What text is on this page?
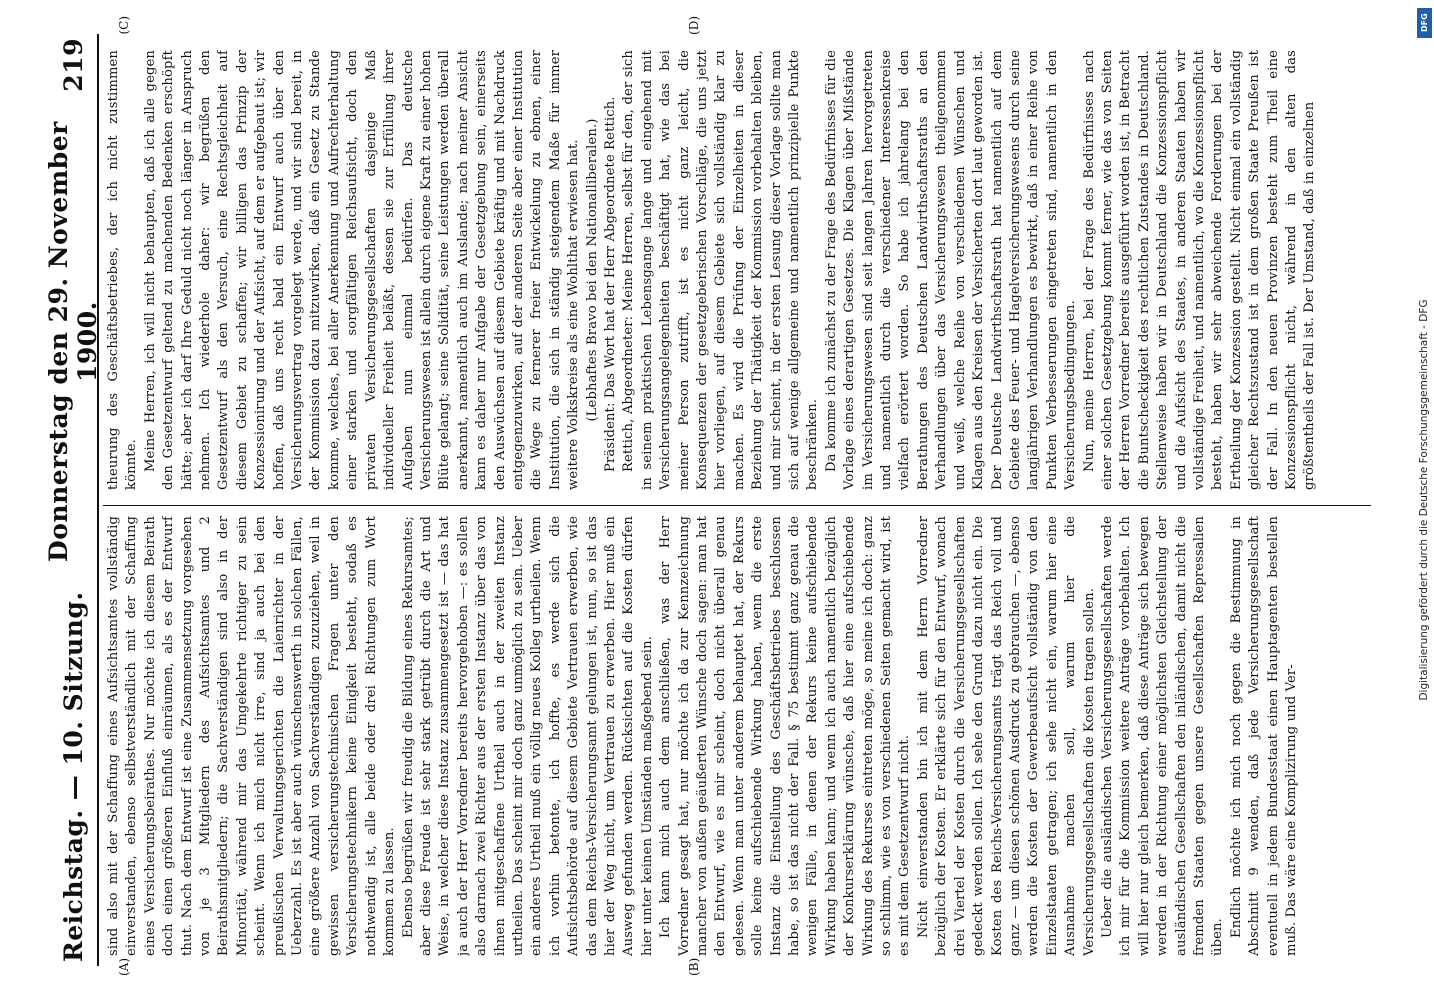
Reichstag. — 10. Sitzung.
Donnerstag den 29. November 1900.
219

sind also mit der Schaffung eines Aufsichtsamtes vollständig einverstanden, ebenso selbstverständlich mit der Schaffung eines Versicherungsbeirathes. Nur möchte ich diesem Beirath doch einen größeren Einfluß einräumen, als es der Entwurf thut. Nach dem Entwurf ist eine Zusammensetzung vorgesehen von je 3 Mitgliedern des Aufsichtsamtes und 2 Beirathsmitgliedern; die Sachverständigen sind also in der Minorität, während mir das Umgekehrte richtiger zu sein scheint. Wenn ich mich nicht irre, sind ja auch bei den preußischen Verwaltungsgerichten die Laienrichter in der Ueberzahl. Es ist aber auch wünschenswerth in solchen Fällen, eine größere Anzahl von Sachverständigen zuzuziehen, weil in gewissen versicherungstechnischen Fragen unter den Versicherungstechnikern keine Einigkeit besteht, sodaß es nothwendig ist, alle beide oder drei Richtungen zum Wort kommen zu lassen. Ebenso begrüßen wir freudig die Bildung eines Rekursamtes; aber diese Freude ist sehr stark getrübt durch die Art und Weise, in welcher diese Instanz zusammengesetzt ist — das hat ja auch der Herr Vorredner bereits hervorgehoben —: es sollen also darnach zwei Richter aus der ersten Instanz über das von ihnen mitgeschaffene Urtheil auch in der zweiten Instanz urtheilen. Das scheint mir doch ganz unmöglich zu sein. Ueber ein anderes Urtheil muß ein völlig neues Kolleg urtheilen. Wenn ich vorhin betonte, ich hoffte, es werde sich die Aufsichtsbehörde auf diesem Gebiete Vertrauen erwerben, wie das dem Reichs-Versicherungsamt gelungen ist, nun, so ist das hier der Weg nicht, um Vertrauen zu erwerben. Hier muß ein Ausweg gefunden werden. Rücksichten auf die Kosten dürfen hier unter keinen Umständen maßgebend sein. Ich kann mich auch dem anschließen, was der Herr Vorredner gesagt hat, nur möchte ich da zur Kennzeichnung mancher von außen geäußerten Wünsche doch sagen: man hat den Entwurf, wie es mir scheint, doch nicht überall genau gelesen. Wenn man unter anderem behauptet hat, der Rekurs solle keine aufschiebende Wirkung haben, wenn die erste Instanz die Einstellung des Geschäftsbetriebes beschlossen habe, so ist das nicht der Fall. § 75 bestimmt ganz genau die wenigen Fälle, in denen der Rekurs keine aufschiebende Wirkung haben kann; und wenn ich auch namentlich bezüglich der Konkurserklärung wünsche, daß hier eine aufschiebende Wirkung des Rekurses eintreten möge, so meine ich doch: ganz so schlimm, wie es von verschiedenen Seiten gemacht wird, ist es mit dem Gesetzentwurf nicht. Nicht einverstanden bin ich mit dem Herrn Vorredner bezüglich der Kosten. Er erklärte sich für den Entwurf, wonach drei Viertel der Kosten durch die Versicherungsgesellschaften gedeckt werden sollen. Ich sehe den Grund dazu nicht ein. Die Kosten des Reichs-Versicherungsamts trägt das Reich voll und ganz — um diesen schönen Ausdruck zu gebrauchen —, ebenso werden die Kosten der Gewerbeaufsicht vollständig von den Einzelstaaten getragen; ich sehe nicht ein, warum hier eine Ausnahme machen soll, warum hier die Versicherungsgesellschaften die Kosten tragen sollen. Ueber die ausländischen Versicherungsgesellschaften werde ich mir für die Kommission weitere Anträge vorbehalten. Ich will hier nur gleich bemerken, daß diese Anträge sich bewegen werden in der Richtung einer möglichsten Gleichstellung der ausländischen Gesellschaften den inländischen, damit nicht die fremden Staaten gegen unsere Gesellschaften Repressalien üben. Endlich möchte ich mich noch gegen die Bestimmung in Abschnitt 9 wenden, daß jede Versicherungsgesellschaft eventuell in jedem Bundesstaat einen Hauptagenten bestellen muß. Das wäre eine Komplizirung und Ver-

theurung des Geschäftsbetriebes, der ich nicht zustimmen könnte. Meine Herren, ich will nicht behaupten, daß ich alle gegen den Gesetzentwurf geltend zu machenden Bedenken erschöpft hätte; aber ich darf Ihre Geduld nicht noch länger in Anspruch nehmen. Ich wiederhole daher: wir begrüßen den Gesetzentwurf als den Versuch, eine Rechtsgleichheit auf diesem Gebiet zu schaffen; wir billigen das Prinzip der Konzessionirung und der Aufsicht, auf dem er aufgebaut ist; wir hoffen, daß uns recht bald ein Entwurf auch über den Versicherungsvertrag vorgelegt werde, und wir sind bereit, in der Kommission dazu mitzuwirken, daß ein Gesetz zu Stande komme, welches, bei aller Anerkennung und Aufrechterhaltung einer starken und sorgfältigen Reichsaufsicht, doch den privaten Versicherungsgesellschaften dasjenige Maß individueller Freiheit beläßt, dessen sie zur Erfüllung ihrer Aufgaben nun einmal bedürfen. Das deutsche Versicherungswesen ist allein durch eigene Kraft zu einer hohen Blüte gelangt; seine Solidität, seine Leistungen werden überall anerkannt, namentlich auch im Auslande; nach meiner Ansicht kann es daher nur Aufgabe der Gesetzgebung sein, einerseits den Auswüchsen auf diesem Gebiete kräftig und mit Nachdruck entgegenzuwirken, auf der anderen Seite aber einer Institution die Wege zu fernerer freier Entwickelung zu ebnen, einer Institution, die sich in ständig steigendem Maße für immer weitere Volkskreise als eine Wohlthat erwiesen hat. (Lebhaftes Bravo bei den Nationalliberalen.) Präsident: Das Wort hat der Herr Abgeordnete Rettich. Rettich, Abgeordneter: Meine Herren, selbst für den, der sich in seinem praktischen Lebensgange lange und eingehend mit Versicherungsangelegenheiten beschäftigt hat, wie das bei meiner Person zutrifft, ist es nicht ganz leicht, die Konsequenzen der gesetzgeberischen Vorschläge, die uns jetzt hier vorliegen, auf diesem Gebiete sich vollständig klar zu machen. Es wird die Prüfung der Einzelheiten in dieser Beziehung der Thätigkeit der Kommission vorbehalten bleiben, und mir scheint, in der ersten Lesung dieser Vorlage sollte man sich auf wenige allgemeine und namentlich prinzipielle Punkte beschränken. Da komme ich zunächst zu der Frage des Bedürfnisses für die Vorlage eines derartigen Gesetzes. Die Klagen über Mißstände im Versicherungswesen sind seit langen Jahren hervorgetreten und namentlich durch die verschiedener Interessenkreise vielfach erörtert worden. So habe ich jahrelang bei den Berathungen des Deutschen Landwirthschaftsraths an den Verhandlungen über das Versicherungswesen theilgenommen und weiß, welche Reihe von verschiedenen Wünschen und Klagen aus den Kreisen der Versicherten dort laut geworden ist. Der Deutsche Landwirthschaftsrath hat namentlich auf dem Gebiete des Feuer- und Hagelversicherungswesens durch seine langjährigen Verhandlungen es bewirkt, daß in einer Reihe von Punkten Verbesserungen eingetreten sind, namentlich in den Versicherungsbedingungen. Nun, meine Herren, bei der Frage des Bedürfnisses nach einer solchen Gesetzgebung kommt ferner, wie das von Seiten der Herren Vorredner bereits ausgeführt worden ist, in Betracht die Buntscheckigkeit des rechtlichen Zustandes in Deutschland. Stellenweise haben wir in Deutschland die Konzessionspflicht und die Aufsicht des Staates, in anderen Staaten haben wir vollständige Freiheit, und namentlich, wo die Konzessionspflicht besteht, haben wir sehr abweichende Forderungen bei der Ertheilung der Konzession gestellt. Nicht einmal ein vollständig gleicher Rechtszustand ist in dem großen Staate Preußen ist der Fall. In den neuen Provinzen besteht zum Theil eine Konzessionspflicht nicht, während in den alten das größtentheils der Fall ist. Der Umstand, daß in einzelnen

(A)	(B)
(C)	(D)	DFG
Digitalisierung gefördert durch die Deutsche Forschungsgemeinschaft - DFG
